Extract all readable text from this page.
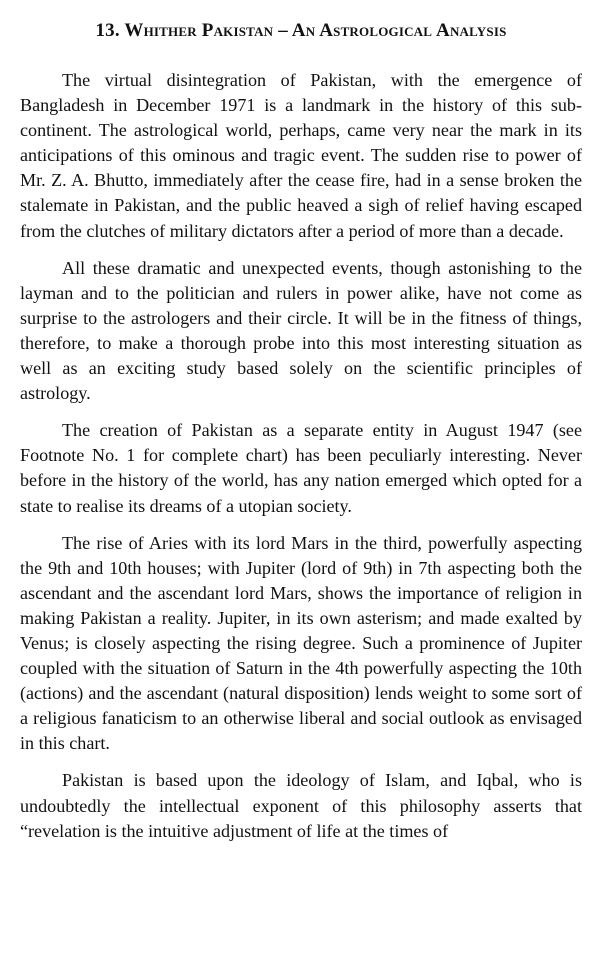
13. Whither Pakistan – An Astrological Analysis

The virtual disintegration of Pakistan, with the emergence of Bangladesh in December 1971 is a landmark in the history of this sub-continent. The astrological world, perhaps, came very near the mark in its anticipations of this ominous and tragic event. The sudden rise to power of Mr. Z. A. Bhutto, immediately after the cease fire, had in a sense broken the stalemate in Pakistan, and the public heaved a sigh of relief having escaped from the clutches of military dictators after a period of more than a decade.

All these dramatic and unexpected events, though astonishing to the layman and to the politician and rulers in power alike, have not come as surprise to the astrologers and their circle. It will be in the fitness of things, therefore, to make a thorough probe into this most interesting situation as well as an exciting study based solely on the scientific principles of astrology.

The creation of Pakistan as a separate entity in August 1947 (see Footnote No. 1 for complete chart) has been peculiarly interesting. Never before in the history of the world, has any nation emerged which opted for a state to realise its dreams of a utopian society.

The rise of Aries with its lord Mars in the third, powerfully aspecting the 9th and 10th houses; with Jupiter (lord of 9th) in 7th aspecting both the ascendant and the ascendant lord Mars, shows the importance of religion in making Pakistan a reality. Jupiter, in its own asterism; and made exalted by Venus; is closely aspecting the rising degree. Such a prominence of Jupiter coupled with the situation of Saturn in the 4th powerfully aspecting the 10th (actions) and the ascendant (natural disposition) lends weight to some sort of a religious fanaticism to an otherwise liberal and social outlook as envisaged in this chart.

Pakistan is based upon the ideology of Islam, and Iqbal, who is undoubtedly the intellectual exponent of this philosophy asserts that “revelation is the intuitive adjustment of life at the times of
